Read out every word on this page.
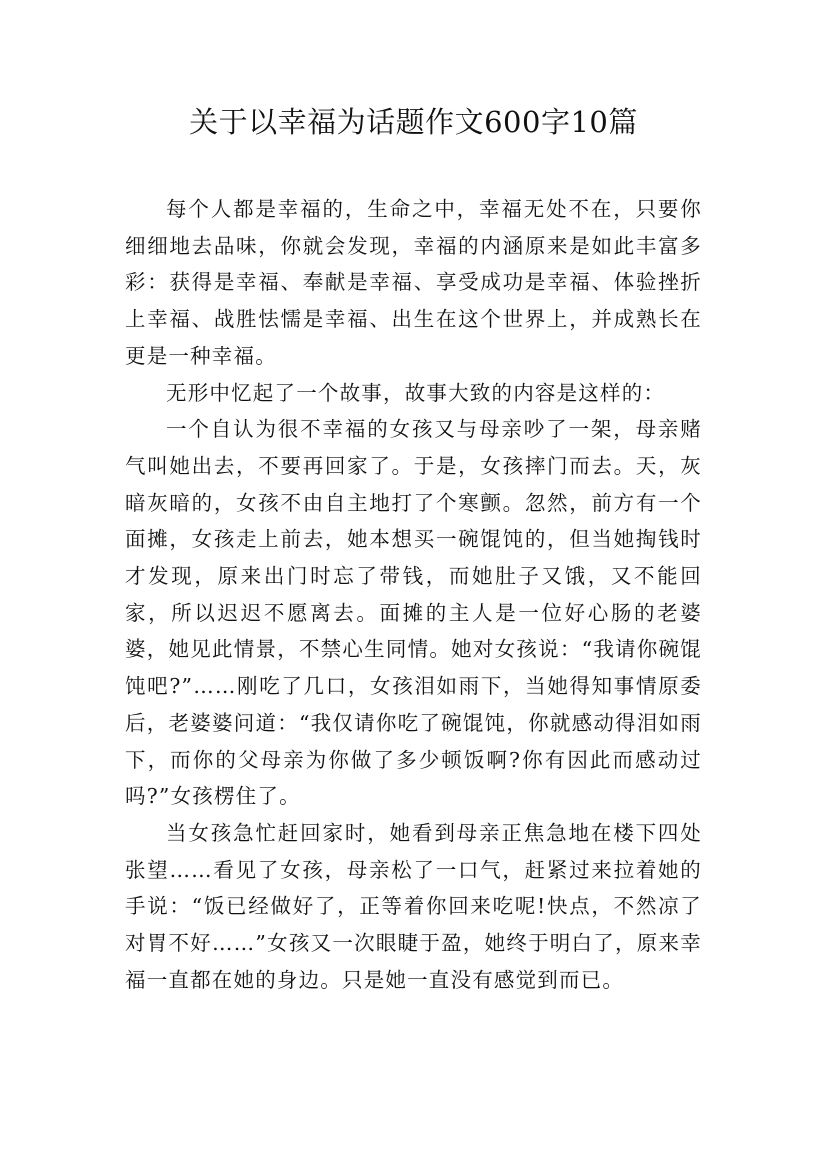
关于以幸福为话题作文600字10篇

每个人都是幸福的，生命之中，幸福无处不在，只要你细细地去品味，你就会发现，幸福的内涵原来是如此丰富多彩：获得是幸福、奉献是幸福、享受成功是幸福、体验挫折上幸福、战胜怯懦是幸福、出生在这个世界上，并成熟长在更是一种幸福。

无形中忆起了一个故事，故事大致的内容是这样的：

一个自认为很不幸福的女孩又与母亲吵了一架，母亲赌气叫她出去，不要再回家了。于是，女孩摔门而去。天，灰暗灰暗的，女孩不由自主地打了个寒颤。忽然，前方有一个面摊，女孩走上前去，她本想买一碗馄饨的，但当她掏钱时才发现，原来出门时忘了带钱，而她肚子又饿，又不能回家，所以迟迟不愿离去。面摊的主人是一位好心肠的老婆婆，她见此情景，不禁心生同情。她对女孩说：“我请你碗馄饨吧?”……刚吃了几口，女孩泪如雨下，当她得知事情原委后，老婆婆问道：“我仅请你吃了碗馄饨，你就感动得泪如雨下，而你的父母亲为你做了多少顿饭啊?你有因此而感动过吗?”女孩楞住了。

当女孩急忙赶回家时，她看到母亲正焦急地在楼下四处张望……看见了女孩，母亲松了一口气，赶紧过来拉着她的手说：“饭已经做好了，正等着你回来吃呢!快点，不然凉了对胃不好……”女孩又一次眼睫于盈，她终于明白了，原来幸福一直都在她的身边。只是她一直没有感觉到而已。
